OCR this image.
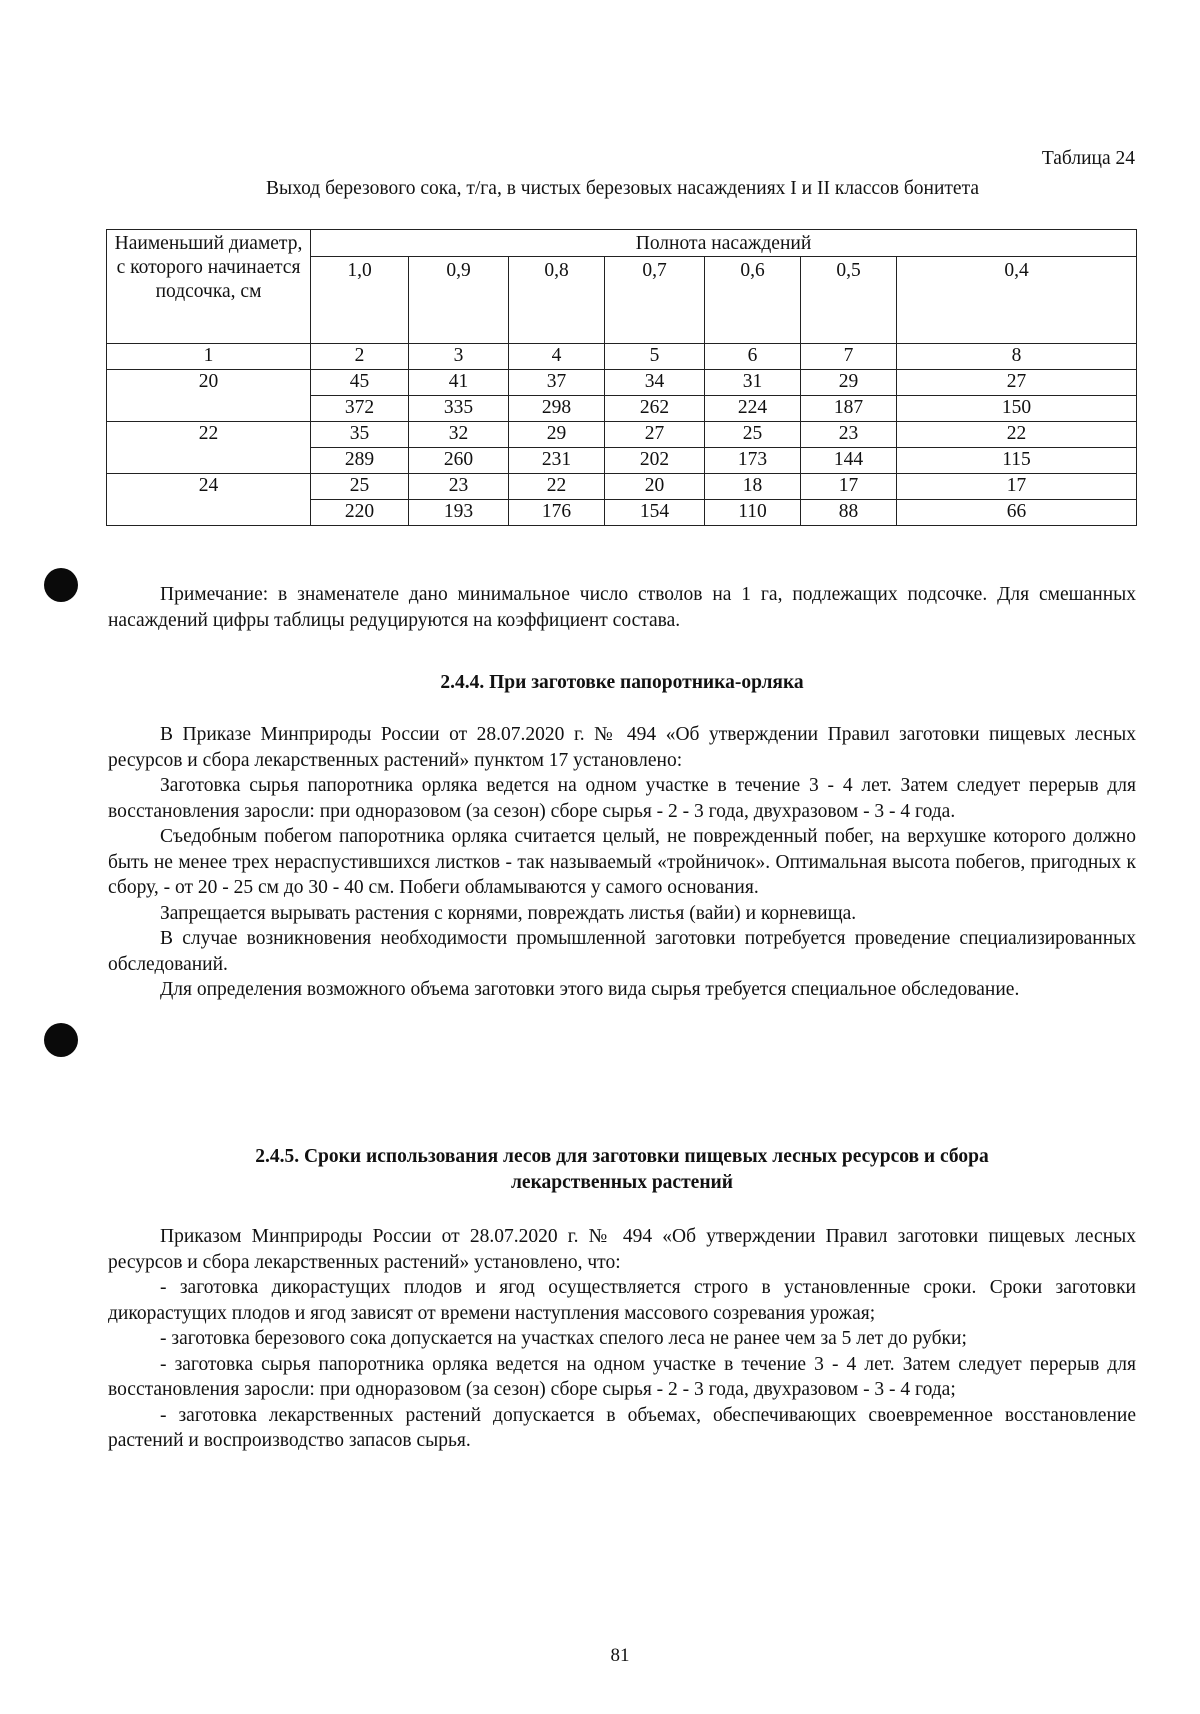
Таблица 24
Выход березового сока, т/га, в чистых березовых насаждениях I и II классов бонитета
Наименьший диаметр, с которого начинается подсочка, см	Полнота насаждений						
	1,0	0,9	0,8	0,7	0,6	0,5	0,4
1	2	3	4	5	6	7	8
20	45	41	37	34	31	29	27
	372	335	298	262	224	187	150
22	35	32	29	27	25	23	22
	289	260	231	202	173	144	115
24	25	23	22	20	18	17	17
	220	193	176	154	110	88	66

Примечание: в знаменателе дано минимальное число стволов на 1 га, подлежащих подсочке. Для смешанных насаждений цифры таблицы редуцируются на коэффициент состава.

2.4.4. При заготовке папоротника-орляка

В Приказе Минприроды России от 28.07.2020 г. № 494 «Об утверждении Правил заготовки пищевых лесных ресурсов и сбора лекарственных растений» пунктом 17 установлено:

Заготовка сырья папоротника орляка ведется на одном участке в течение 3 - 4 лет. Затем следует перерыв для восстановления заросли: при одноразовом (за сезон) сборе сырья - 2 - 3 года, двухразовом - 3 - 4 года.

Съедобным побегом папоротника орляка считается целый, не поврежденный побег, на верхушке которого должно быть не менее трех нераспустившихся листков - так называемый «тройничок». Оптимальная высота побегов, пригодных к сбору, - от 20 - 25 см до 30 - 40 см. Побеги обламываются у самого основания.

Запрещается вырывать растения с корнями, повреждать листья (вайи) и корневища.

В случае возникновения необходимости промышленной заготовки потребуется проведение специализированных обследований.

Для определения возможного объема заготовки этого вида сырья требуется специальное обследование.

2.4.5. Сроки использования лесов для заготовки пищевых лесных ресурсов и сбора
лекарственных растений

Приказом Минприроды России от 28.07.2020 г. № 494 «Об утверждении Правил заготовки пищевых лесных ресурсов и сбора лекарственных растений» установлено, что:

- заготовка дикорастущих плодов и ягод осуществляется строго в установленные сроки. Сроки заготовки дикорастущих плодов и ягод зависят от времени наступления массового созревания урожая;

- заготовка березового сока допускается на участках спелого леса не ранее чем за 5 лет до рубки;

- заготовка сырья папоротника орляка ведется на одном участке в течение 3 - 4 лет. Затем следует перерыв для восстановления заросли: при одноразовом (за сезон) сборе сырья - 2 - 3 года, двухразовом - 3 - 4 года;

- заготовка лекарственных растений допускается в объемах, обеспечивающих своевременное восстановление растений и воспроизводство запасов сырья.

81
